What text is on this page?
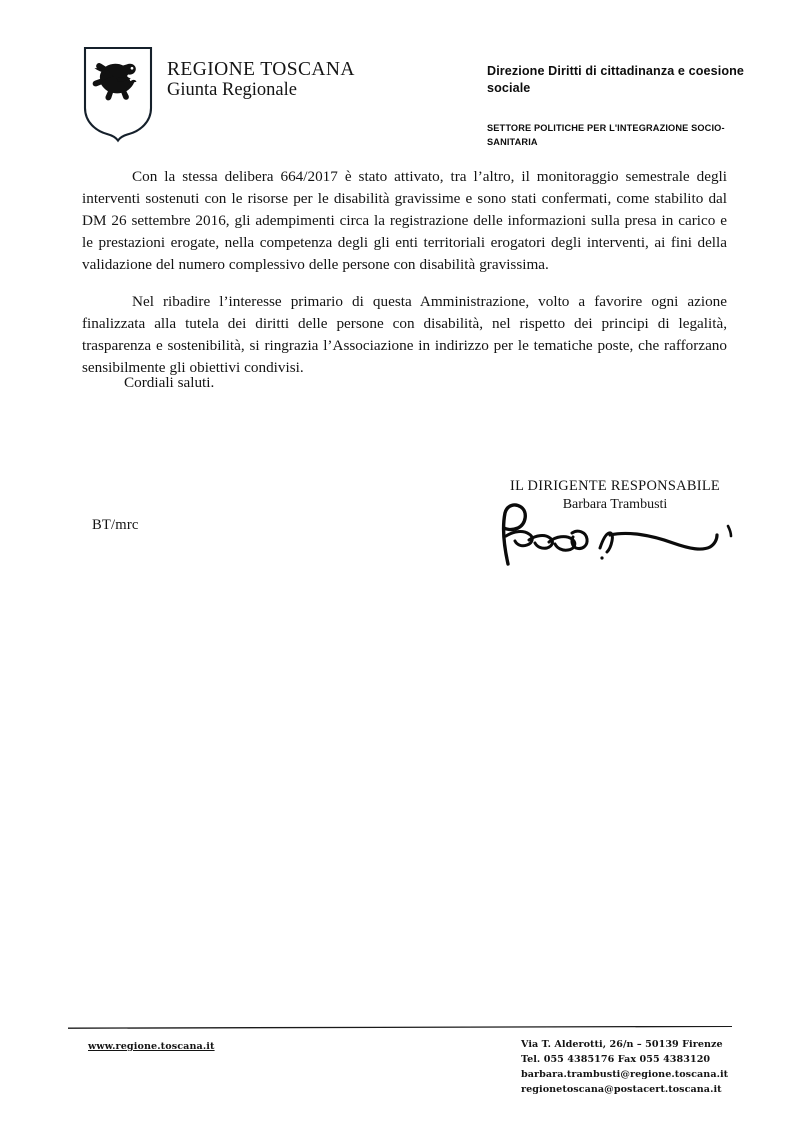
REGIONE TOSCANA
Giunta Regionale
Direzione Diritti di cittadinanza e coesione sociale
SETTORE POLITICHE PER L'INTEGRAZIONE SOCIO-SANITARIA

Con la stessa delibera 664/2017 è stato attivato, tra l’altro, il monitoraggio semestrale degli interventi sostenuti con le risorse per le disabilità gravissime e sono stati confermati, come stabilito dal DM 26 settembre 2016, gli adempimenti circa la registrazione delle informazioni sulla presa in carico e le prestazioni erogate, nella competenza degli gli enti territoriali erogatori degli interventi, ai fini della validazione del numero complessivo delle persone con disabilità gravissima.

Nel ribadire l’interesse primario di questa Amministrazione, volto a favorire ogni azione finalizzata alla tutela dei diritti delle persone con disabilità, nel rispetto dei principi di legalità, trasparenza e sostenibilità, si ringrazia l’Associazione in indirizzo per le tematiche poste, che rafforzano sensibilmente gli obiettivi condivisi.

Cordiali saluti.
IL DIRIGENTE RESPONSABILE
Barbara Trambusti
BT/mrc
www.regione.toscana.it	Via T. Alderotti, 26/n – 50139 Firenze
Tel. 055 4385176 Fax 055 4383120
barbara.trambusti@regione.toscana.it
regionetoscana@postacert.toscana.it
